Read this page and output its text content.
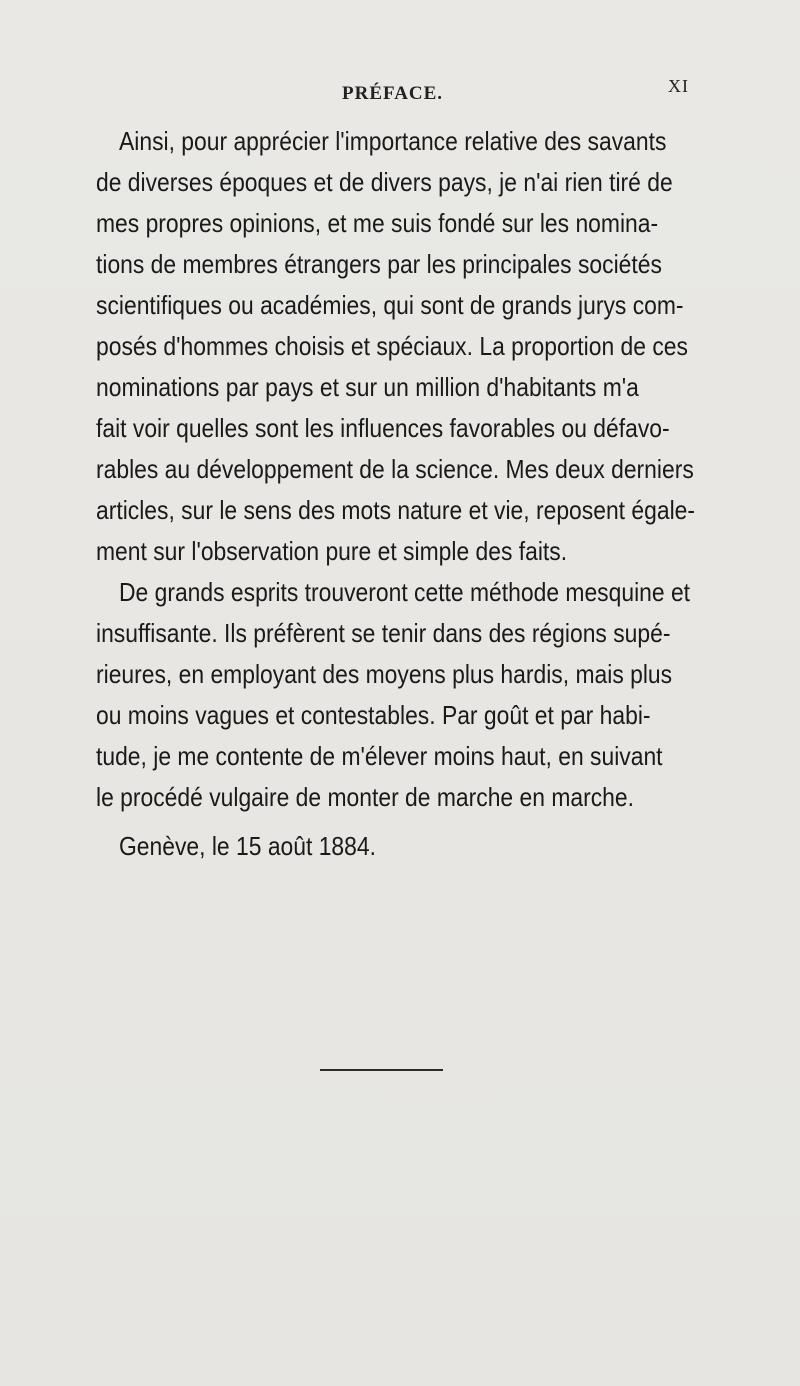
PRÉFACE.	XI
Ainsi, pour apprécier l'importance relative des savants
de diverses époques et de divers pays, je n'ai rien tiré de
mes propres opinions, et me suis fondé sur les nomina-
tions de membres étrangers par les principales sociétés
scientifiques ou académies, qui sont de grands jurys com-
posés d'hommes choisis et spéciaux. La proportion de ces
nominations par pays et sur un million d'habitants m'a
fait voir quelles sont les influences favorables ou défavo-
rables au développement de la science. Mes deux derniers
articles, sur le sens des mots nature et vie, reposent égale-
ment sur l'observation pure et simple des faits.
De grands esprits trouveront cette méthode mesquine et
insuffisante. Ils préfèrent se tenir dans des régions supé-
rieures, en employant des moyens plus hardis, mais plus
ou moins vagues et contestables. Par goût et par habi-
tude, je me contente de m'élever moins haut, en suivant
le procédé vulgaire de monter de marche en marche.
Genève, le 15 août 1884.
